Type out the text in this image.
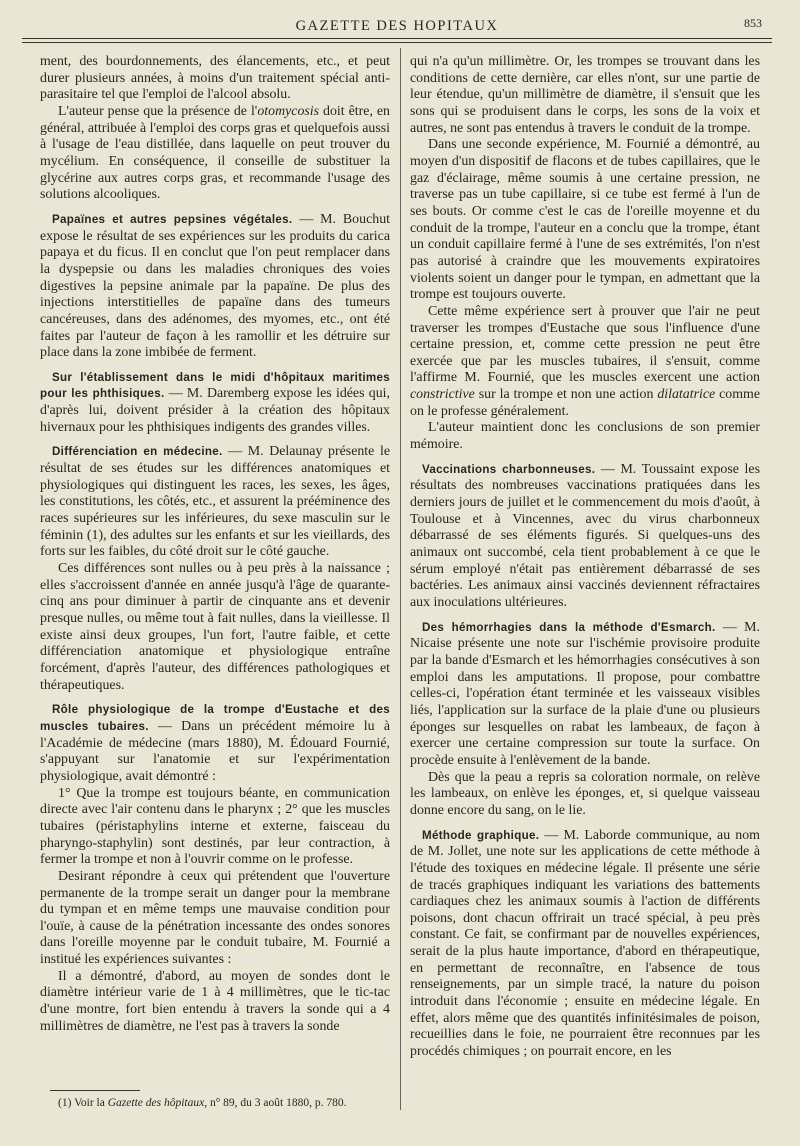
GAZETTE DES HOPITAUX	853

ment, des bourdonnements, des élancements, etc., et peut durer plusieurs années, à moins d'un traitement spécial anti-parasitaire tel que l'emploi de l'alcool absolu.

L'auteur pense que la présence de l'otomycosis doit être, en général, attribuée à l'emploi des corps gras et quelquefois aussi à l'usage de l'eau distillée, dans laquelle on peut trouver du mycélium. En conséquence, il conseille de substituer la glycérine aux autres corps gras, et recommande l'usage des solutions alcooliques.

Papaïnes et autres pepsines végétales. — M. Bouchut expose le résultat de ses expériences sur les produits du carica papaya et du ficus. Il en conclut que l'on peut remplacer dans la dyspepsie ou dans les maladies chroniques des voies digestives la pepsine animale par la papaïne. De plus des injections interstitielles de papaïne dans des tumeurs cancéreuses, dans des adénomes, des myomes, etc., ont été faites par l'auteur de façon à les ramollir et les détruire sur place dans la zone imbibée de ferment.

Sur l'établissement dans le midi d'hôpitaux maritimes pour les phthisiques. — M. Daremberg expose les idées qui, d'après lui, doivent présider à la création des hôpitaux hivernaux pour les phthisiques indigents des grandes villes.

Différenciation en médecine. — M. Delaunay présente le résultat de ses études sur les différences anatomiques et physiologiques qui distinguent les races, les sexes, les âges, les constitutions, les côtés, etc., et assurent la prééminence des races supérieures sur les inférieures, du sexe masculin sur le féminin (1), des adultes sur les enfants et sur les vieillards, des forts sur les faibles, du côté droit sur le côté gauche.

Ces différences sont nulles ou à peu près à la naissance ; elles s'accroissent d'année en année jusqu'à l'âge de quarante-cinq ans pour diminuer à partir de cinquante ans et devenir presque nulles, ou même tout à fait nulles, dans la vieillesse. Il existe ainsi deux groupes, l'un fort, l'autre faible, et cette différenciation anatomique et physiologique entraîne forcément, d'après l'auteur, des différences pathologiques et thérapeutiques.

Rôle physiologique de la trompe d'Eustache et des muscles tubaires. — Dans un précédent mémoire lu à l'Académie de médecine (mars 1880), M. Édouard Fournié, s'appuyant sur l'anatomie et sur l'expérimentation physiologique, avait démontré :

1° Que la trompe est toujours béante, en communication directe avec l'air contenu dans le pharynx ; 2° que les muscles tubaires (péristaphylins interne et externe, faisceau du pharyngo-staphylin) sont destinés, par leur contraction, à fermer la trompe et non à l'ouvrir comme on le professe.

Desirant répondre à ceux qui prétendent que l'ouverture permanente de la trompe serait un danger pour la membrane du tympan et en même temps une mauvaise condition pour l'ouïe, à cause de la pénétration incessante des ondes sonores dans l'oreille moyenne par le conduit tubaire, M. Fournié a institué les expériences suivantes :

Il a démontré, d'abord, au moyen de sondes dont le diamètre intérieur varie de 1 à 4 millimètres, que le tic-tac d'une montre, fort bien entendu à travers la sonde qui a 4 millimètres de diamètre, ne l'est pas à travers la sonde

qui n'a qu'un millimètre. Or, les trompes se trouvant dans les conditions de cette dernière, car elles n'ont, sur une partie de leur étendue, qu'un millimètre de diamètre, il s'ensuit que les sons qui se produisent dans le corps, les sons de la voix et autres, ne sont pas entendus à travers le conduit de la trompe.

Dans une seconde expérience, M. Fournié a démontré, au moyen d'un dispositif de flacons et de tubes capillaires, que le gaz d'éclairage, même soumis à une certaine pression, ne traverse pas un tube capillaire, si ce tube est fermé à l'un de ses bouts. Or comme c'est le cas de l'oreille moyenne et du conduit de la trompe, l'auteur en a conclu que la trompe, étant un conduit capillaire fermé à l'une de ses extrémités, l'on n'est pas autorisé à craindre que les mouvements expiratoires violents soient un danger pour le tympan, en admettant que la trompe est toujours ouverte.

Cette même expérience sert à prouver que l'air ne peut traverser les trompes d'Eustache que sous l'influence d'une certaine pression, et, comme cette pression ne peut être exercée que par les muscles tubaires, il s'ensuit, comme l'affirme M. Fournié, que les muscles exercent une action constrictive sur la trompe et non une action dilatatrice comme on le professe généralement.

L'auteur maintient donc les conclusions de son premier mémoire.

Vaccinations charbonneuses. — M. Toussaint expose les résultats des nombreuses vaccinations pratiquées dans les derniers jours de juillet et le commencement du mois d'août, à Toulouse et à Vincennes, avec du virus charbonneux débarrassé de ses éléments figurés. Si quelques-uns des animaux ont succombé, cela tient probablement à ce que le sérum employé n'était pas entièrement débarrassé de ses bactéries. Les animaux ainsi vaccinés deviennent réfractaires aux inoculations ultérieures.

Des hémorrhagies dans la méthode d'Esmarch. — M. Nicaise présente une note sur l'ischémie provisoire produite par la bande d'Esmarch et les hémorrhagies consécutives à son emploi dans les amputations. Il propose, pour combattre celles-ci, l'opération étant terminée et les vaisseaux visibles liés, l'application sur la surface de la plaie d'une ou plusieurs éponges sur lesquelles on rabat les lambeaux, de façon à exercer une certaine compression sur toute la surface. On procède ensuite à l'enlèvement de la bande.

Dès que la peau a repris sa coloration normale, on relève les lambeaux, on enlève les éponges, et, si quelque vaisseau donne encore du sang, on le lie.

Méthode graphique. — M. Laborde communique, au nom de M. Jollet, une note sur les applications de cette méthode à l'étude des toxiques en médecine légale. Il présente une série de tracés graphiques indiquant les variations des battements cardiaques chez les animaux soumis à l'action de différents poisons, dont chacun offrirait un tracé spécial, à peu près constant. Ce fait, se confirmant par de nouvelles expériences, serait de la plus haute importance, d'abord en thérapeutique, en permettant de reconnaître, en l'absence de tous renseignements, par un simple tracé, la nature du poison introduit dans l'économie ; ensuite en médecine légale. En effet, alors même que des quantités infinitésimales de poison, recueillies dans le foie, ne pourraient être reconnues par les procédés chimiques ; on pourrait encore, en les

(1) Voir la Gazette des hôpitaux, n° 89, du 3 août 1880, p. 780.
